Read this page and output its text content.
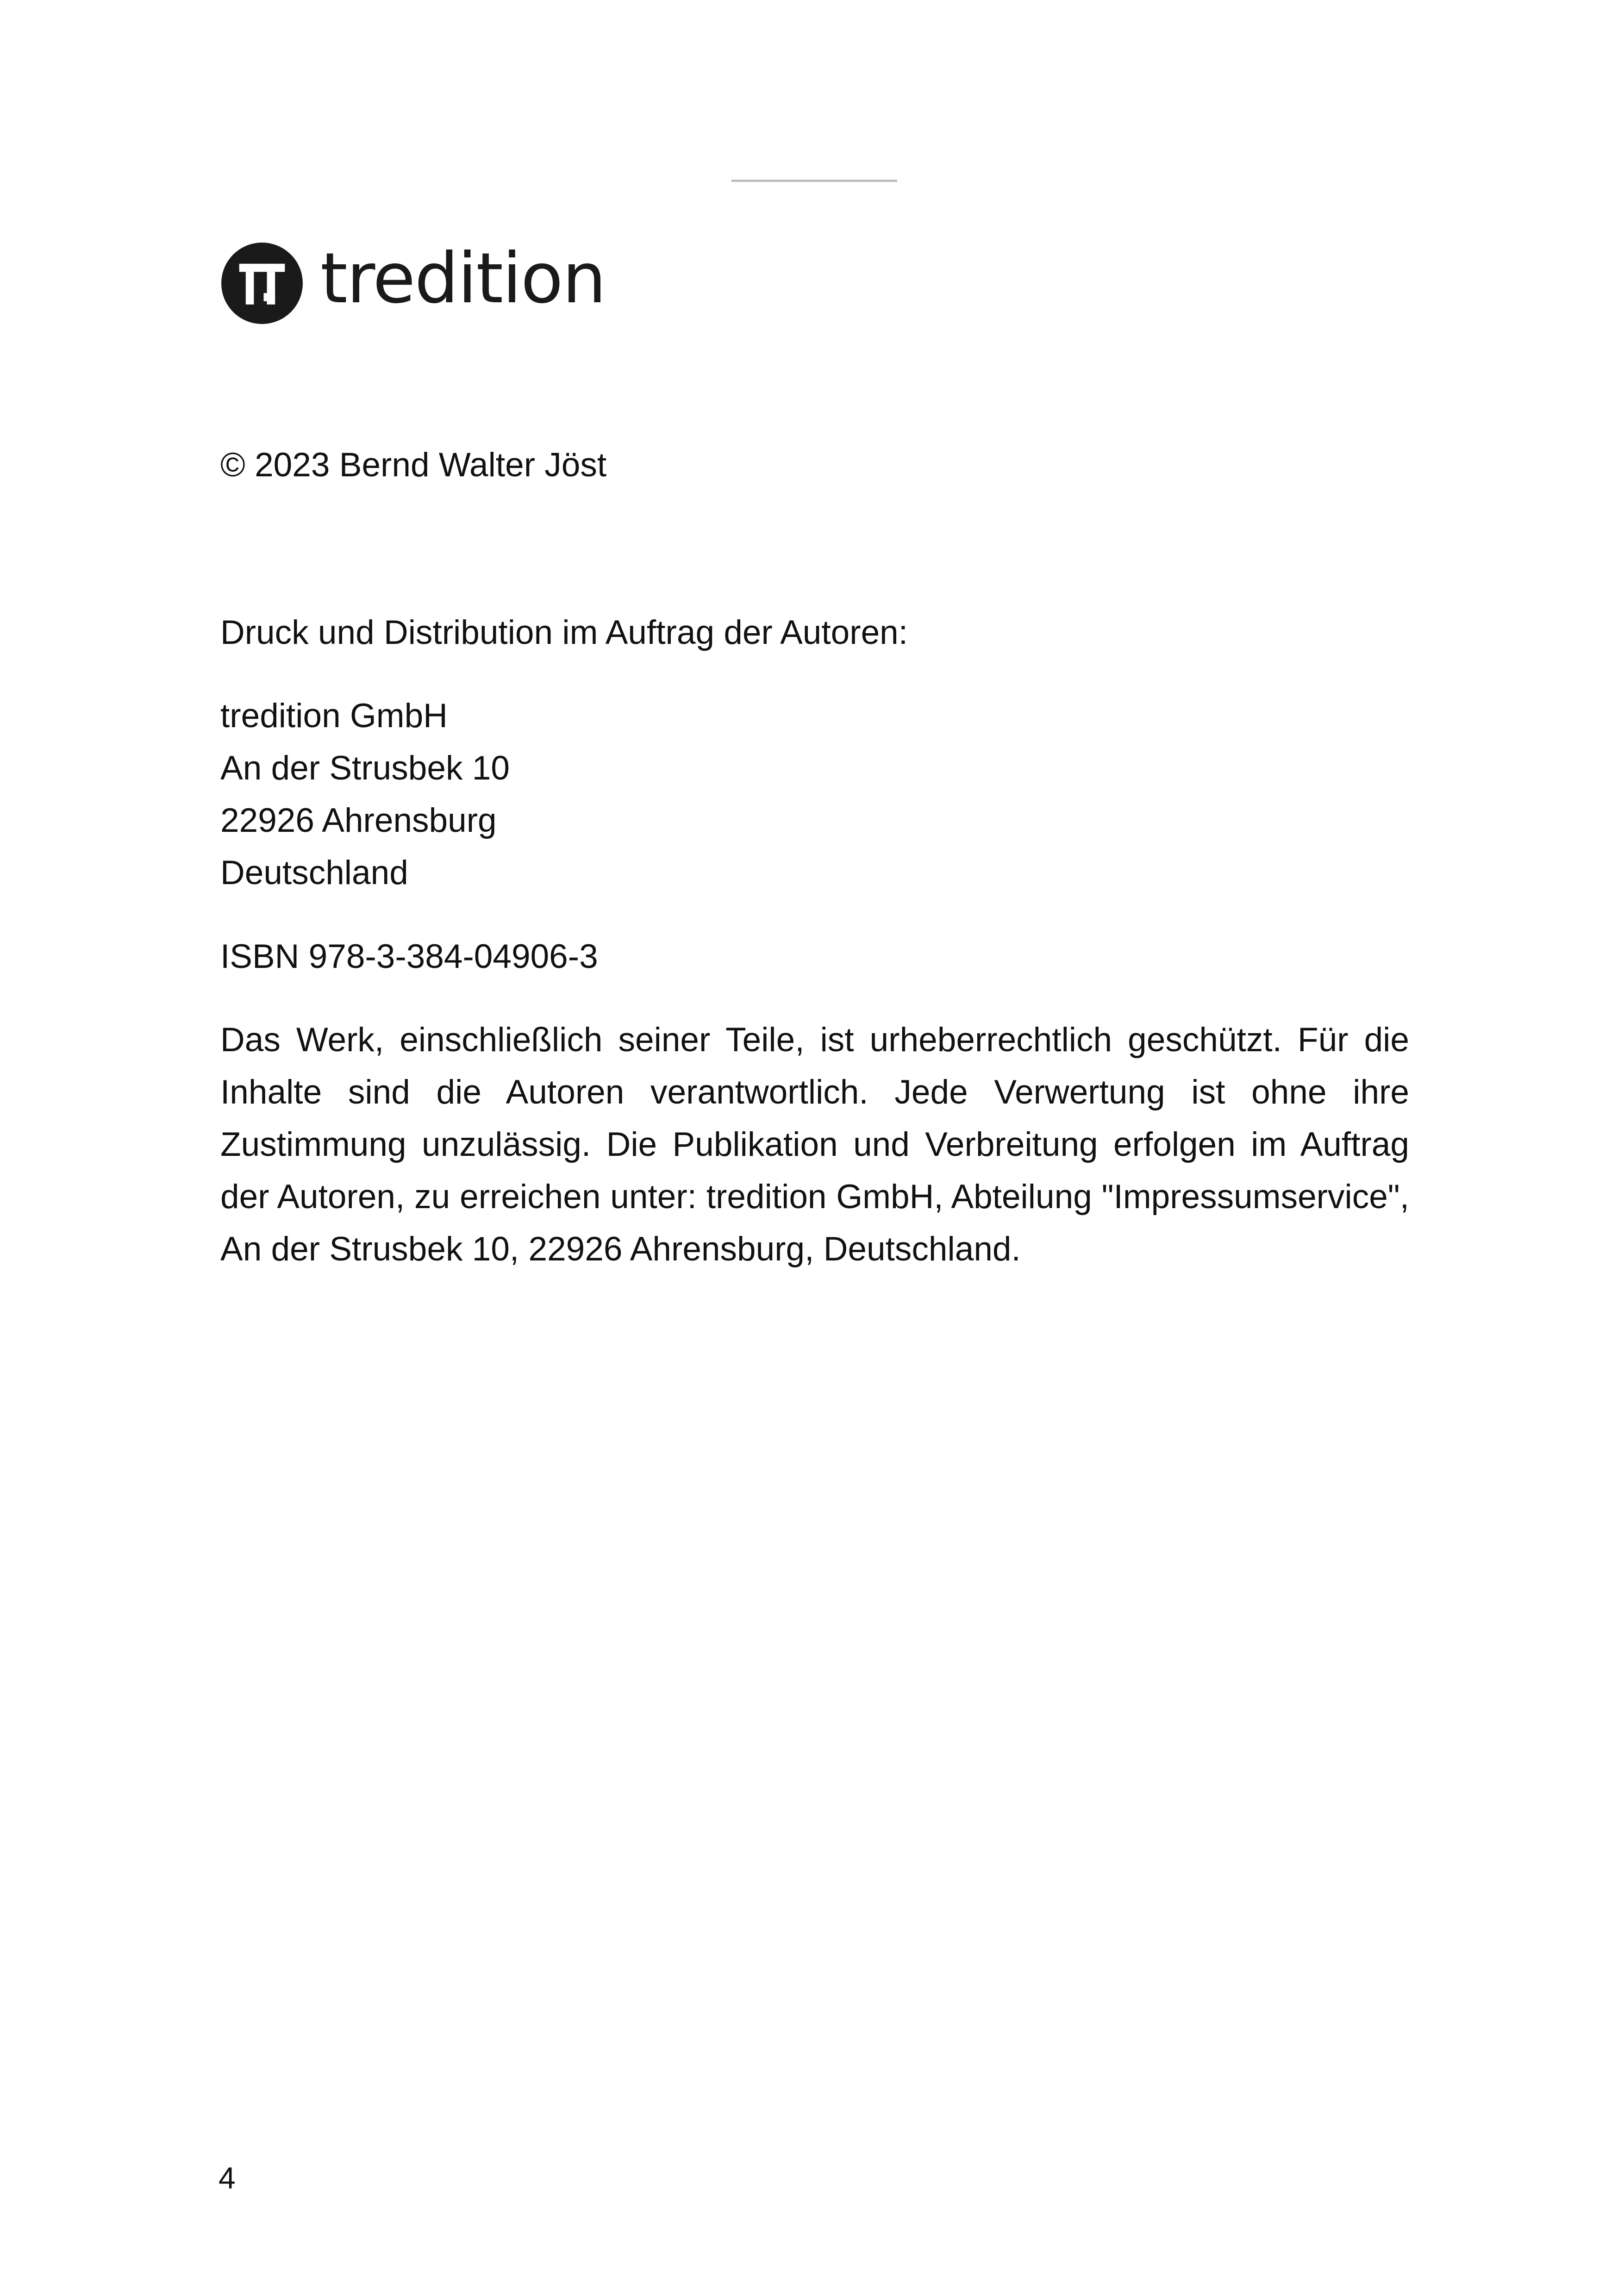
tredition
© 2023 Bernd Walter Jöst
Druck und Distribution im Auftrag der Autoren:
tredition GmbH
An der Strusbek 10
22926 Ahrensburg
Deutschland
ISBN 978-3-384-04906-3
Das Werk, einschließlich seiner Teile, ist urheberrechtlich geschützt. Für die Inhalte sind die Autoren verantwortlich. Jede Verwertung ist ohne ihre Zustimmung unzulässig. Die Publikation und Verbreitung erfolgen im Auftrag der Autoren, zu erreichen unter: tredition GmbH, Abteilung "Impressumservice", An der Strusbek 10, 22926 Ahrensburg, Deutschland.
4
